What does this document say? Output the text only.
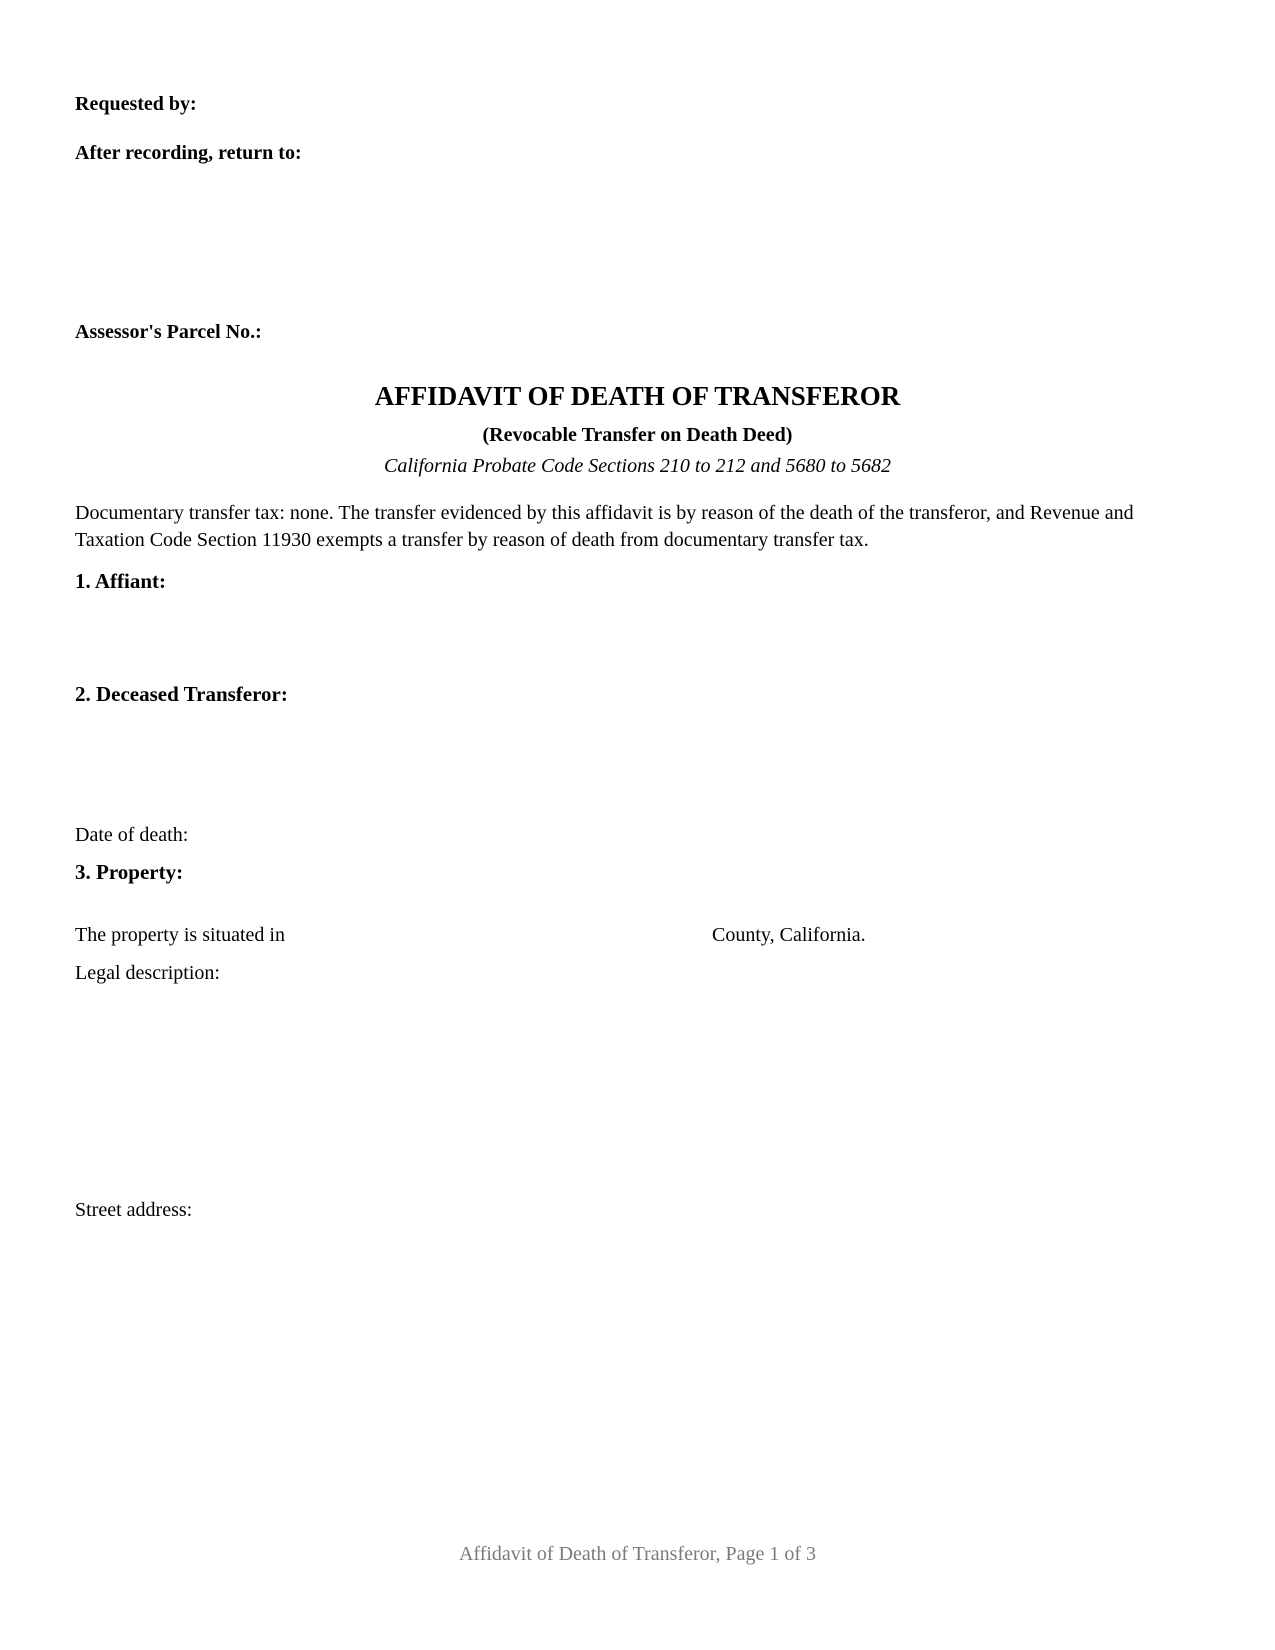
Requested by:
After recording, return to:
Assessor's Parcel No.:
AFFIDAVIT OF DEATH OF TRANSFEROR
(Revocable Transfer on Death Deed)
California Probate Code Sections 210 to 212 and 5680 to 5682
Documentary transfer tax: none. The transfer evidenced by this affidavit is by reason of the death of the transferor, and Revenue and Taxation Code Section 11930 exempts a transfer by reason of death from documentary transfer tax.
1. Affiant:
2. Deceased Transferor:
Date of death:
3. Property:
The property is situated in	County, California.
Legal description:
Street address:
Affidavit of Death of Transferor, Page 1 of 3
